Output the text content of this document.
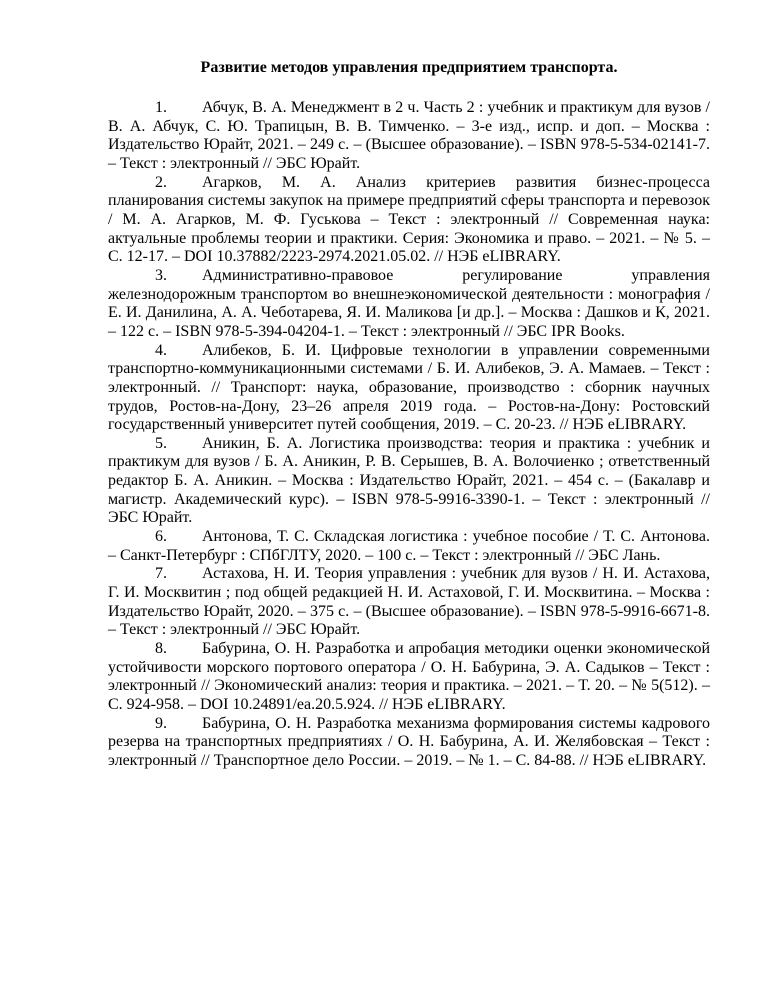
Развитие методов управления предприятием транспорта.
1. Абчук, В. А. Менеджмент в 2 ч. Часть 2 : учебник и практикум для вузов / В. А. Абчук, С. Ю. Трапицын, В. В. Тимченко. – 3-е изд., испр. и доп. – Москва : Издательство Юрайт, 2021. – 249 с. – (Высшее образование). – ISBN 978-5-534-02141-7. – Текст : электронный // ЭБС Юрайт.
2. Агарков, М. А. Анализ критериев развития бизнес-процесса планирования системы закупок на примере предприятий сферы транспорта и перевозок / М. А. Агарков, М. Ф. Гуськова – Текст : электронный // Современная наука: актуальные проблемы теории и практики. Серия: Экономика и право. – 2021. – № 5. – С. 12-17. – DOI 10.37882/2223-2974.2021.05.02. // НЭБ eLIBRARY.
3. Административно-правовое регулирование управления железнодорожным транспортом во внешнеэкономической деятельности : монография / Е. И. Данилина, А. А. Чеботарева, Я. И. Маликова [и др.]. – Москва : Дашков и К, 2021. – 122 с. – ISBN 978-5-394-04204-1. – Текст : электронный // ЭБС IPR Books.
4. Алибеков, Б. И. Цифровые технологии в управлении современными транспортно-коммуникационными системами / Б. И. Алибеков, Э. А. Мамаев. – Текст : электронный. // Транспорт: наука, образование, производство : сборник научных трудов, Ростов-на-Дону, 23–26 апреля 2019 года. – Ростов-на-Дону: Ростовский государственный университет путей сообщения, 2019. – С. 20-23. // НЭБ eLIBRARY.
5. Аникин, Б. А. Логистика производства: теория и практика : учебник и практикум для вузов / Б. А. Аникин, Р. В. Серышев, В. А. Волочиенко ; ответственный редактор Б. А. Аникин. – Москва : Издательство Юрайт, 2021. – 454 с. – (Бакалавр и магистр. Академический курс). – ISBN 978-5-9916-3390-1. – Текст : электронный // ЭБС Юрайт.
6. Антонова, Т. С. Складская логистика : учебное пособие / Т. С. Антонова. – Санкт-Петербург : СПбГЛТУ, 2020. – 100 с. – Текст : электронный // ЭБС Лань.
7. Астахова, Н. И. Теория управления : учебник для вузов / Н. И. Астахова, Г. И. Москвитин ; под общей редакцией Н. И. Астаховой, Г. И. Москвитина. – Москва : Издательство Юрайт, 2020. – 375 с. – (Высшее образование). – ISBN 978-5-9916-6671-8. – Текст : электронный // ЭБС Юрайт.
8. Бабурина, О. Н. Разработка и апробация методики оценки экономической устойчивости морского портового оператора / О. Н. Бабурина, Э. А. Садыков – Текст : электронный // Экономический анализ: теория и практика. – 2021. – Т. 20. – № 5(512). – С. 924-958. – DOI 10.24891/ea.20.5.924. // НЭБ eLIBRARY.
9. Бабурина, О. Н. Разработка механизма формирования системы кадрового резерва на транспортных предприятиях / О. Н. Бабурина, А. И. Желябовская – Текст : электронный // Транспортное дело России. – 2019. – № 1. – С. 84-88. // НЭБ eLIBRARY.
